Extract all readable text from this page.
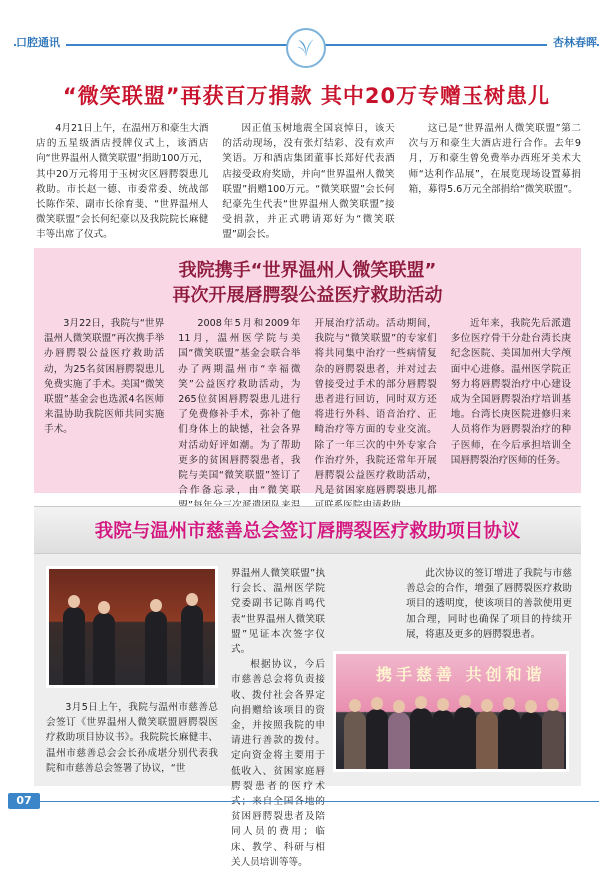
口腔通讯	杏林春晖
“微笑联盟”再获百万捐款 其中20万专赠玉树患儿

4月21日上午，在温州万和豪生大酒店的五星级酒店授牌仪式上，该酒店向“世界温州人微笑联盟”捐助100万元，其中20万元将用于玉树灾区唇腭裂患儿救助。市长赵一德、市委常委、统战部长陈作荣、副市长徐育斐、“世界温州人微笑联盟”会长何纪豪以及我院院长麻健丰等出席了仪式。

因正值玉树地震全国哀悼日，该天的活动现场，没有张灯结彩、没有欢声笑语。万和酒店集团董事长郑好代表酒店接受政府奖励，并向“世界温州人微笑联盟”捐赠100万元。“微笑联盟”会长何纪豪先生代表“世界温州人微笑联盟”接受捐款，并正式聘请郑好为“微笑联盟”副会长。

这已是“世界温州人微笑联盟”第二次与万和豪生大酒店进行合作。去年9月，万和豪生曾免费举办西班牙美术大师“达利作品展”，在展览现场设置募捐箱，募得5.6万元全部捐给“微笑联盟”。

我院携手“世界温州人微笑联盟”
再次开展唇腭裂公益医疗救助活动

3月22日，我院与“世界温州人微笑联盟”再次携手举办唇腭裂公益医疗救助活动，为25名贫困唇腭裂患儿免费实施了手术。美国“微笑联盟”基金会也选派4名医师来温协助我院医师共同实施手术。

2008年5月和2009年11月，温州医学院与美国“微笑联盟”基金会联合举办了两期温州市“幸福微笑”公益医疗救助活动，为265位贫困唇腭裂患儿进行了免费修补手术，弥补了他们身体上的缺憾，社会各界对活动好评如潮。为了帮助更多的贫困唇腭裂患者，我院与美国“微笑联盟”签订了合作备忘录，由“微笑联 开展治疗活动。活动期间，我院与“微笑联盟”的专家们将共同集中治疗一些病情复杂的唇腭裂患者，并对过去曾接受过手术的部分唇腭裂患者进行回访，同时双方还将进行外科、语音治疗、正畸治疗等方面的专业交流。除了一年三次的中外专家合作治疗外，我院还常年开展唇腭裂公益医疗救助活动，凡是贫困家庭唇腭裂患儿都

近年来，我院先后派遣多位医疗骨干分赴台湾长庚纪念医院、美国加州大学颅面中心进修。温州医学院正努力将唇腭裂治疗中心建设成为全国唇腭裂治疗培训基地。台湾长庚医院进修归来人员将作为唇腭裂治疗的种子医师，在今后承担培训全国唇腭裂治疗医师的任务。

我院与温州市慈善总会签订唇腭裂医疗救助项目协议

3月5日上午，我院与温州市慈善总会签订《世界温州人微笑联盟唇腭裂医疗救助项目协议书》。我院院长麻健丰、温州市慈善总会会长孙成堪分别代表我院和市慈善总会签署了协议，“世

界温州人微笑联盟”执行会长、温州医学院党委副书记陈肖鸣代表“世界温州人微笑联盟”见证本次签字仪式。

根据协议，今后市慈善总会将负责接收、拨付社会各界定向捐赠给该项目的资金，并按照我院的申请进行善款的拨付。定向资金将主要用于低收入、贫困家庭唇腭裂患者的医疗术 贫困唇腭裂患者及陪同人员的费用；临床、教学、科研与相关人员培训等等。

此次协议的签订增进了我院与市慈善总会的合作，增强了唇腭裂医疗救助项目的透明度，使该项目的善款使用更加合理，同时也确保了项目的持续开展，将惠及更多的唇腭裂患者。

携手慈善 共创和谐
07
